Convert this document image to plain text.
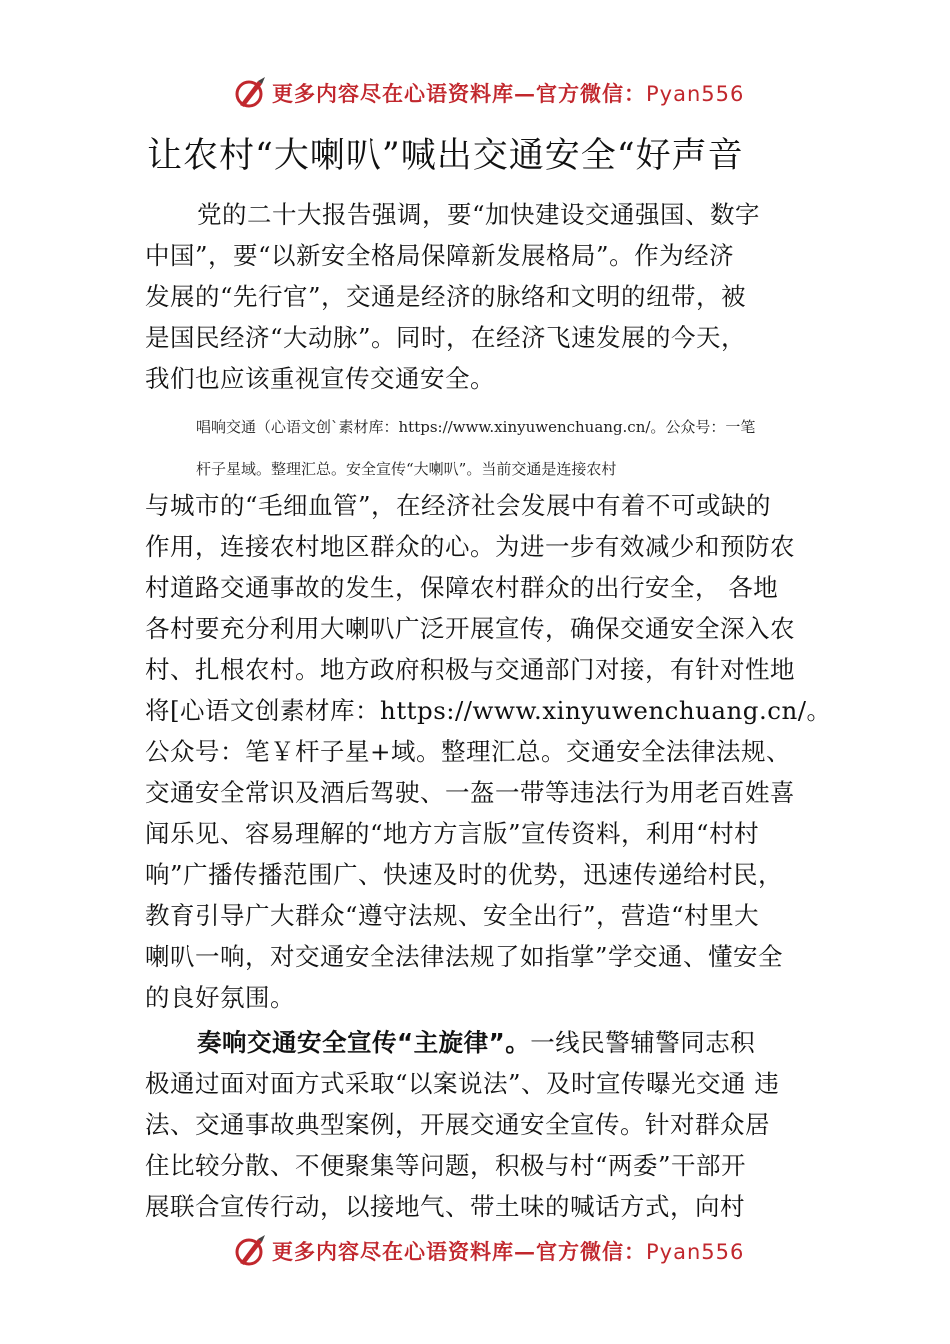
更多内容尽在心语资料库—官方微信：Pyan556
让农村“大喇叭”喊出交通安全“好声音
党的二十大报告强调，要“加快建设交通强国、数字
中国”，要“以新安全格局保障新发展格局”。作为经济
发展的“先行官”，交通是经济的脉络和文明的纽带，被
是国民经济“大动脉”。同时，在经济飞速发展的今天，
我们也应该重视宣传交通安全。
唱响交通（心语文创`素材库：https://www.xinyuwenchuang.cn/。公众号：一笔
杆子星域。整理汇总。安全宣传“大喇叭”。当前交通是连接农村
与城市的“毛细血管”，在经济社会发展中有着不可或缺的
作用，连接农村地区群众的心。为进一步有效减少和预防农
村道路交通事故的发生，保障农村群众的出行安全， 各地
各村要充分利用大喇叭广泛开展宣传，确保交通安全深入农
村、扎根农村。地方政府积极与交通部门对接，有针对性地
将[心语文创素材库：https://www.xinyuwenchuang.cn/。
公众号：笔￥杆子星+域。整理汇总。交通安全法律法规、
交通安全常识及酒后驾驶、一盔一带等违法行为用老百姓喜
闻乐见、容易理解的“地方方言版”宣传资料，利用“村村
响”广播传播范围广、快速及时的优势，迅速传递给村民，
教育引导广大群众“遵守法规、安全出行”，营造“村里大
喇叭一响，对交通安全法律法规了如指掌”学交通、懂安全
的良好氛围。
奏响交通安全宣传“主旋律”。一线民警辅警同志积
极通过面对面方式采取“以案说法”、及时宣传曝光交通 违
法、交通事故典型案例，开展交通安全宣传。针对群众居
住比较分散、不便聚集等问题，积极与村“两委”干部开
展联合宣传行动，以接地气、带土味的喊话方式，向村
更多内容尽在心语资料库—官方微信：Pyan556
